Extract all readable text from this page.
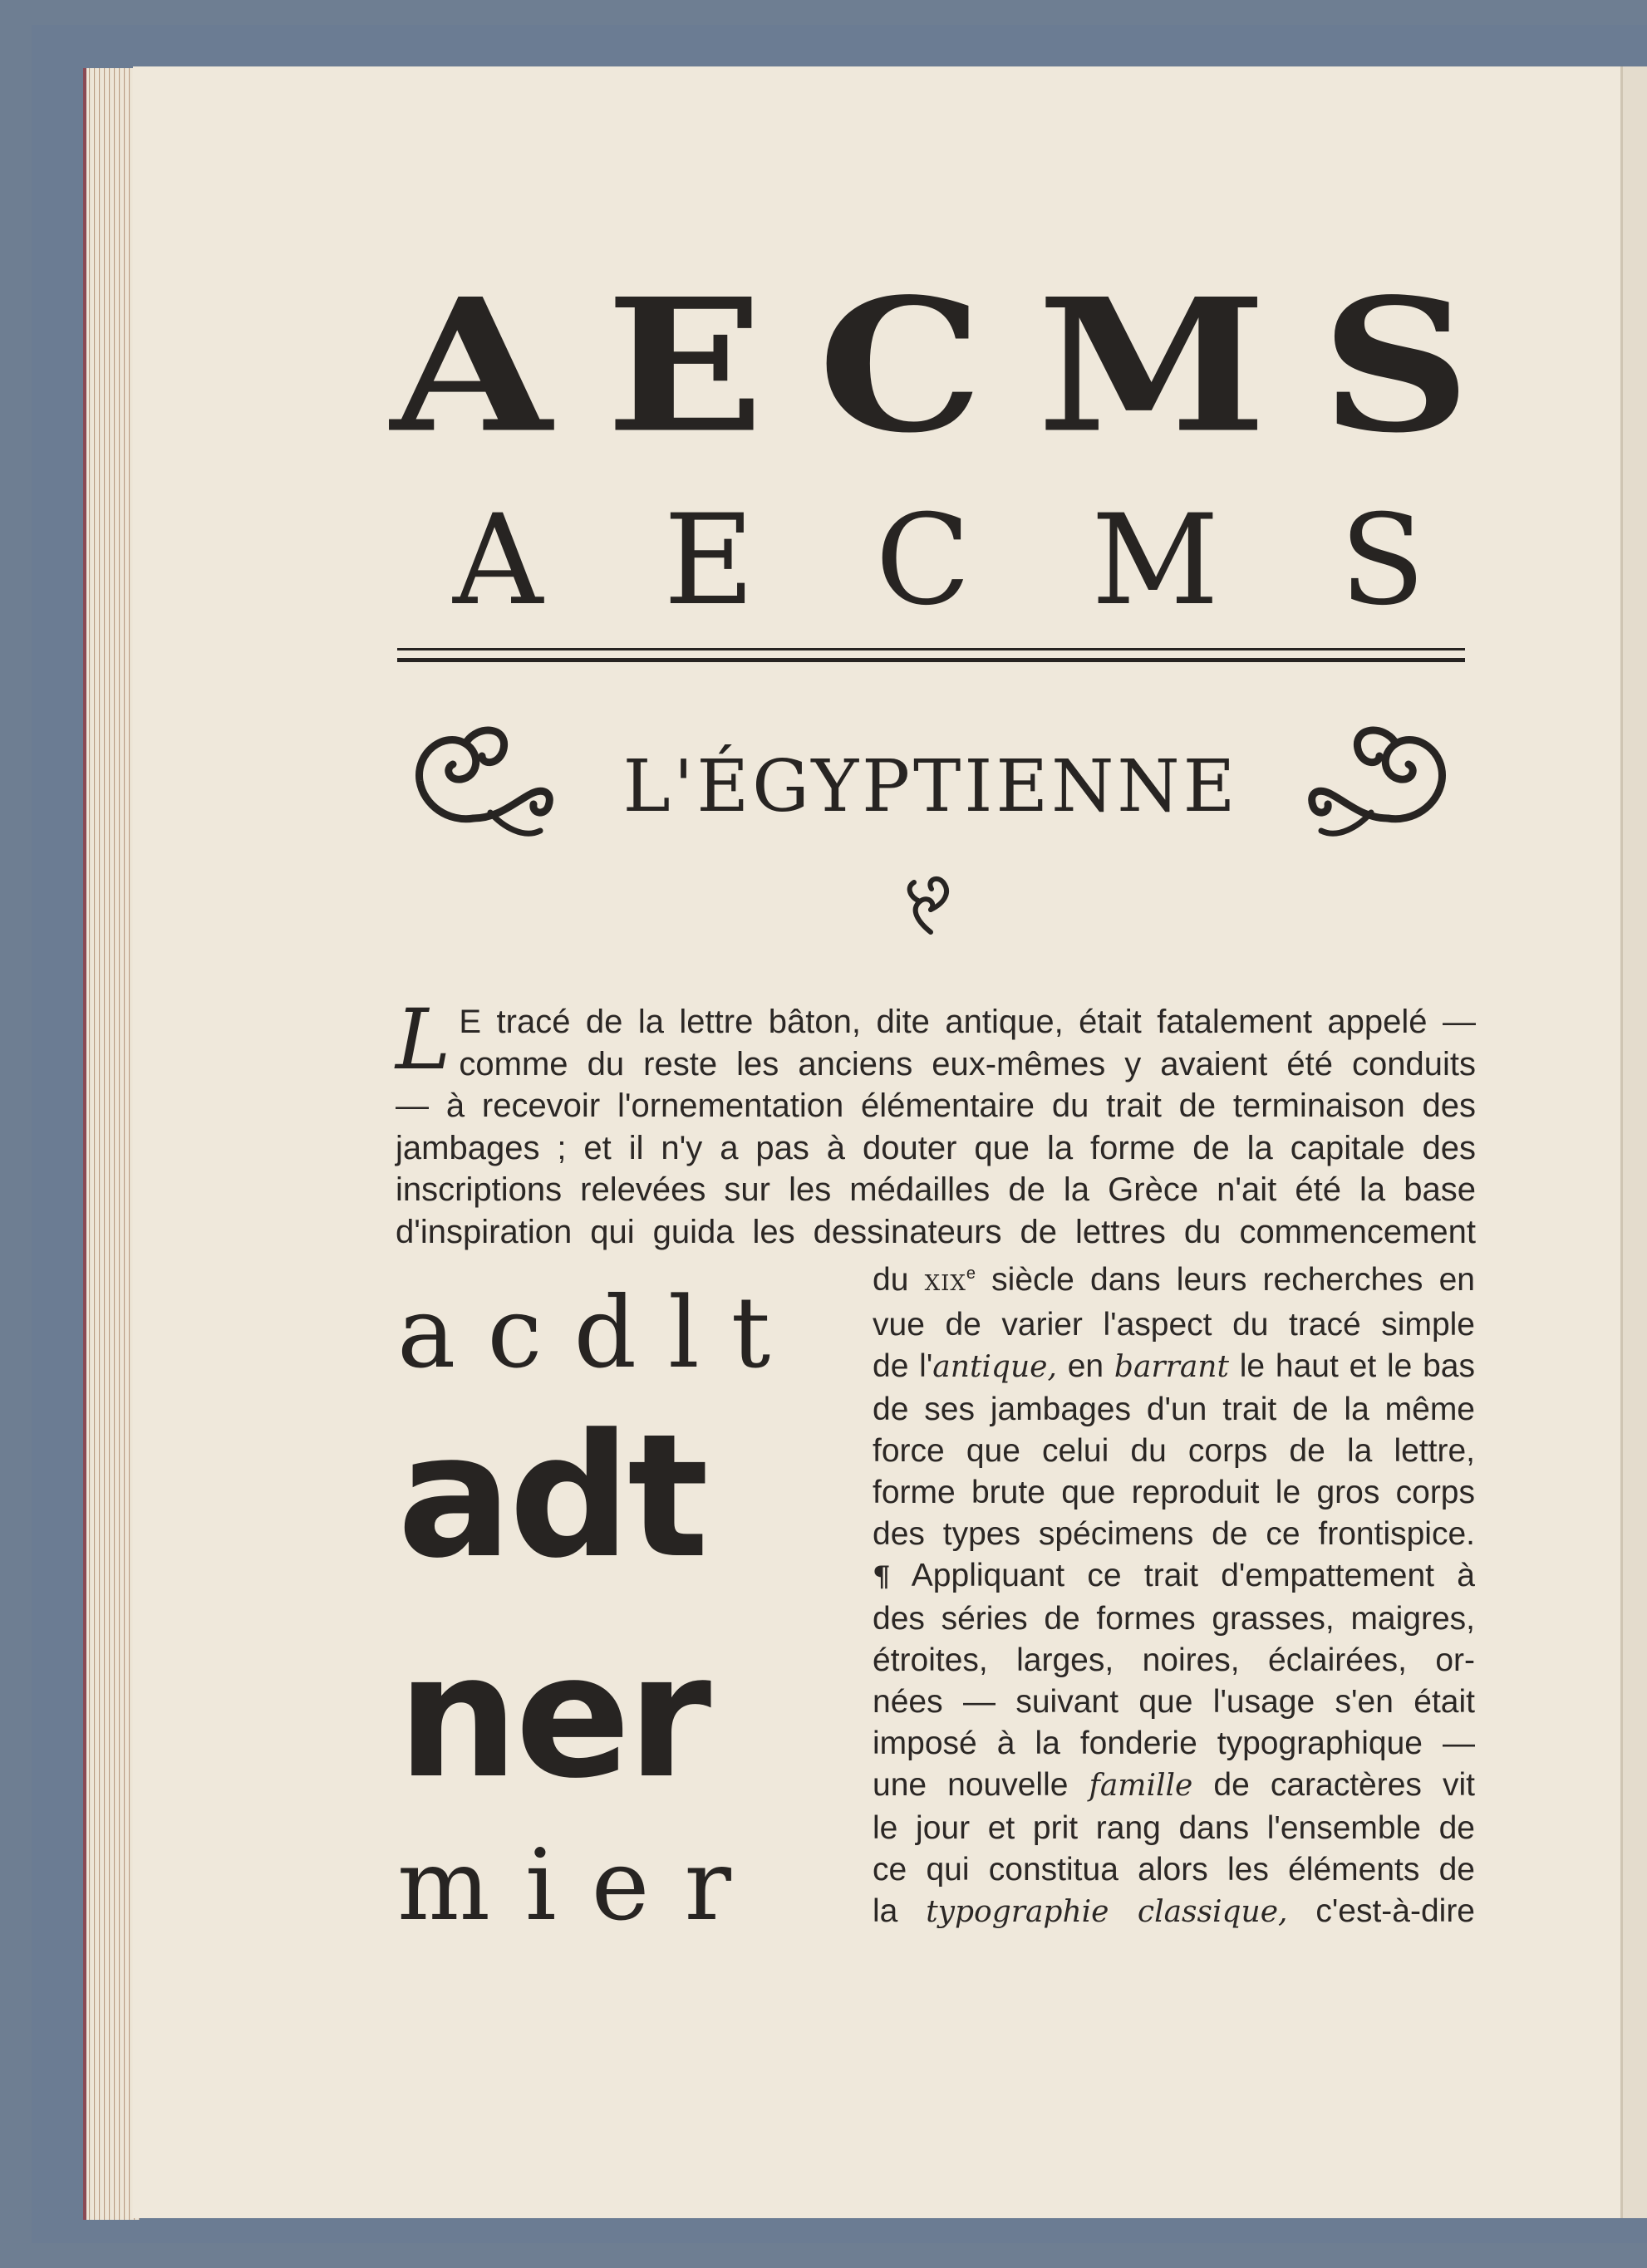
A E C M S
A E C M S
L'ÉGYPTIENNE
L E tracé de la lettre bâton, dite antique, était fatalement appelé —
comme du reste les anciens eux-mêmes y avaient été conduits
— à recevoir l'ornementation élémentaire du trait de terminaison des
jambages ; et il n'y a pas à douter que la forme de la capitale des
inscriptions relevées sur les médailles de la Grèce n'ait été la base
d'inspiration qui guida les dessinateurs de lettres du commencement
acdlt
adt
ner
mier
du XIXe siècle dans leurs recherches en
vue de varier l'aspect du tracé simple
de l'antique, en barrant le haut et le bas
de ses jambages d'un trait de la même
force que celui du corps de la lettre,
forme brute que reproduit le gros corps
des types spécimens de ce frontispice.
¶ Appliquant ce trait d'empattement à
des séries de formes grasses, maigres,
étroites, larges, noires, éclairées, or-
nées — suivant que l'usage s'en était
imposé à la fonderie typographique —
une nouvelle famille de caractères vit
le jour et prit rang dans l'ensemble de
ce qui constitua alors les éléments de
la typographie classique, c'est-à-dire
